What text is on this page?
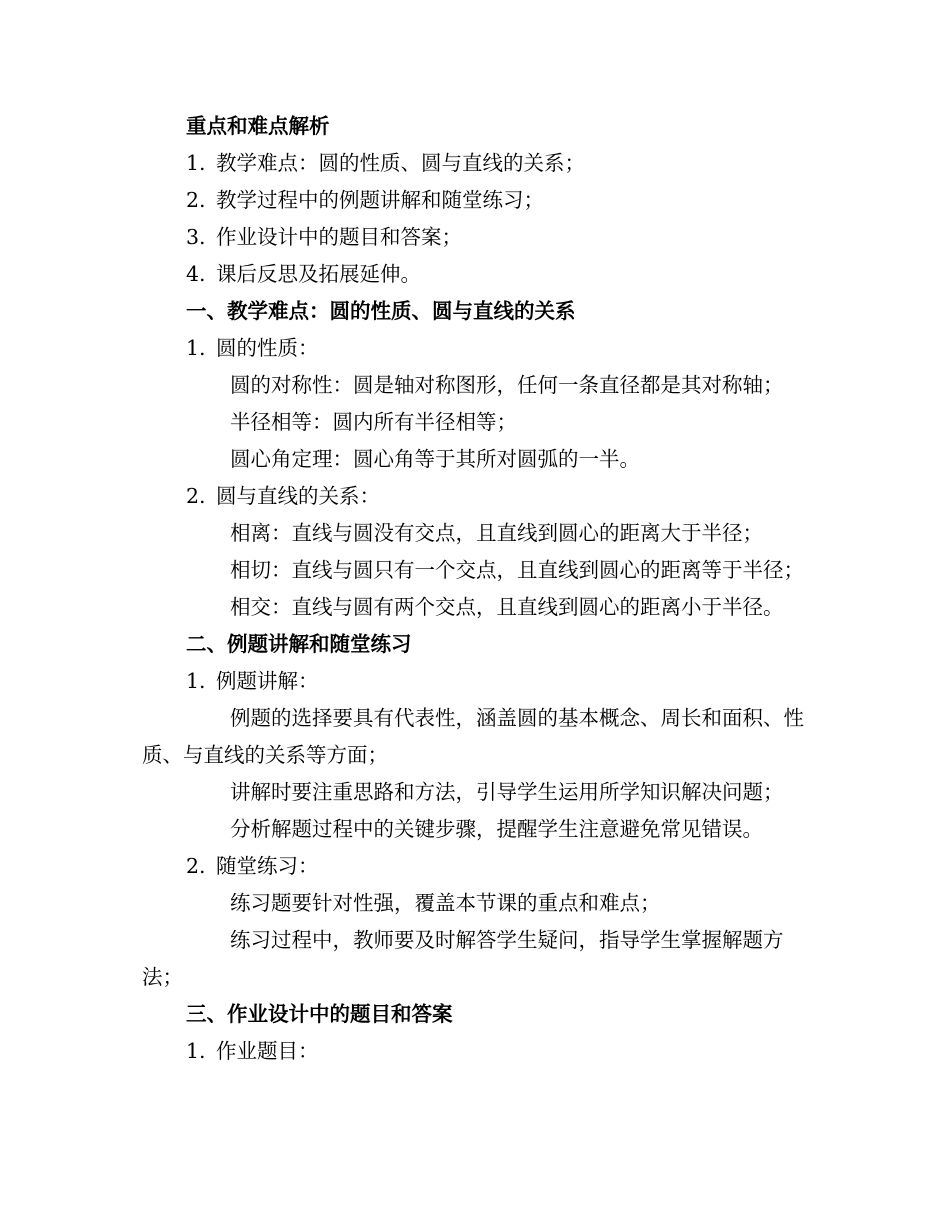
重点和难点解析
1. 教学难点：圆的性质、圆与直线的关系；
2. 教学过程中的例题讲解和随堂练习；
3. 作业设计中的题目和答案；
4. 课后反思及拓展延伸。
一、教学难点：圆的性质、圆与直线的关系
1. 圆的性质：
圆的对称性：圆是轴对称图形，任何一条直径都是其对称轴；
半径相等：圆内所有半径相等；
圆心角定理：圆心角等于其所对圆弧的一半。
2. 圆与直线的关系：
相离：直线与圆没有交点，且直线到圆心的距离大于半径；
相切：直线与圆只有一个交点，且直线到圆心的距离等于半径；
相交：直线与圆有两个交点，且直线到圆心的距离小于半径。
二、例题讲解和随堂练习
1. 例题讲解：
例题的选择要具有代表性，涵盖圆的基本概念、周长和面积、性质、与直线的关系等方面；
讲解时要注重思路和方法，引导学生运用所学知识解决问题；
分析解题过程中的关键步骤，提醒学生注意避免常见错误。
2. 随堂练习：
练习题要针对性强，覆盖本节课的重点和难点；
练习过程中，教师要及时解答学生疑问，指导学生掌握解题方法；
三、作业设计中的题目和答案
1. 作业题目：
